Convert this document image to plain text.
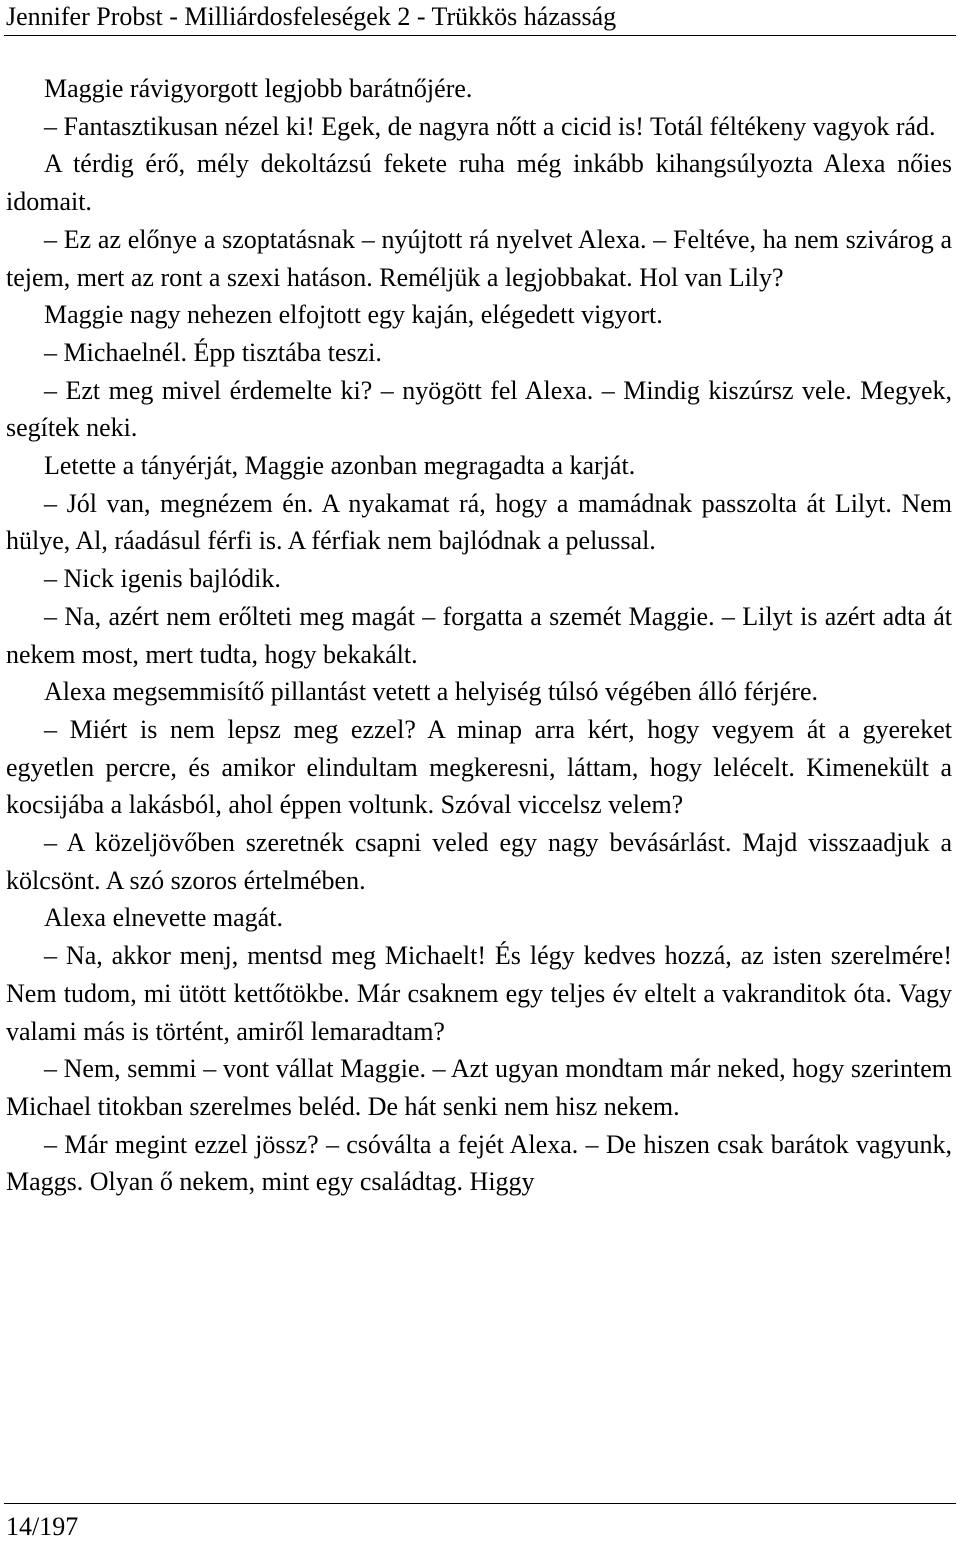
Jennifer Probst - Milliárdosfeleségek 2 - Trükkös házasság

Maggie rávigyorgott legjobb barátnőjére.

– Fantasztikusan nézel ki! Egek, de nagyra nőtt a cicid is! Totál féltékeny vagyok rád.

A térdig érő, mély dekoltázsú fekete ruha még inkább kihangsúlyozta Alexa nőies idomait.

– Ez az előnye a szoptatásnak – nyújtott rá nyelvet Alexa. – Feltéve, ha nem szivárog a tejem, mert az ront a szexi hatáson. Reméljük a legjobbakat. Hol van Lily?

Maggie nagy nehezen elfojtott egy kaján, elégedett vigyort.

– Michaelnél. Épp tisztába teszi.

– Ezt meg mivel érdemelte ki? – nyögött fel Alexa. – Mindig kiszúrsz vele. Megyek, segítek neki.

Letette a tányérját, Maggie azonban megragadta a karját.

– Jól van, megnézem én. A nyakamat rá, hogy a mamádnak passzolta át Lilyt. Nem hülye, Al, ráadásul férfi is. A férfiak nem bajlódnak a pelussal.

– Nick igenis bajlódik.

– Na, azért nem erőlteti meg magát – forgatta a szemét Maggie. – Lilyt is azért adta át nekem most, mert tudta, hogy bekakált.

Alexa megsemmisítő pillantást vetett a helyiség túlsó végében álló férjére.

– Miért is nem lepsz meg ezzel? A minap arra kért, hogy vegyem át a gyereket egyetlen percre, és amikor elindultam megkeresni, láttam, hogy lelécelt. Kimenekült a kocsijába a lakásból, ahol éppen voltunk. Szóval viccelsz velem?

– A közeljövőben szeretnék csapni veled egy nagy bevásárlást. Majd visszaadjuk a kölcsönt. A szó szoros értelmében.

Alexa elnevette magát.

– Na, akkor menj, mentsd meg Michaelt! És légy kedves hozzá, az isten szerelmére! Nem tudom, mi ütött kettőtökbe. Már csaknem egy teljes év eltelt a vakranditok óta. Vagy valami más is történt, amiről lemaradtam?

– Nem, semmi – vont vállat Maggie. – Azt ugyan mondtam már neked, hogy szerintem Michael titokban szerelmes beléd. De hát senki nem hisz nekem.

– Már megint ezzel jössz? – csóválta a fejét Alexa. – De hiszen csak barátok vagyunk, Maggs. Olyan ő nekem, mint egy családtag. Higgy

14/197
